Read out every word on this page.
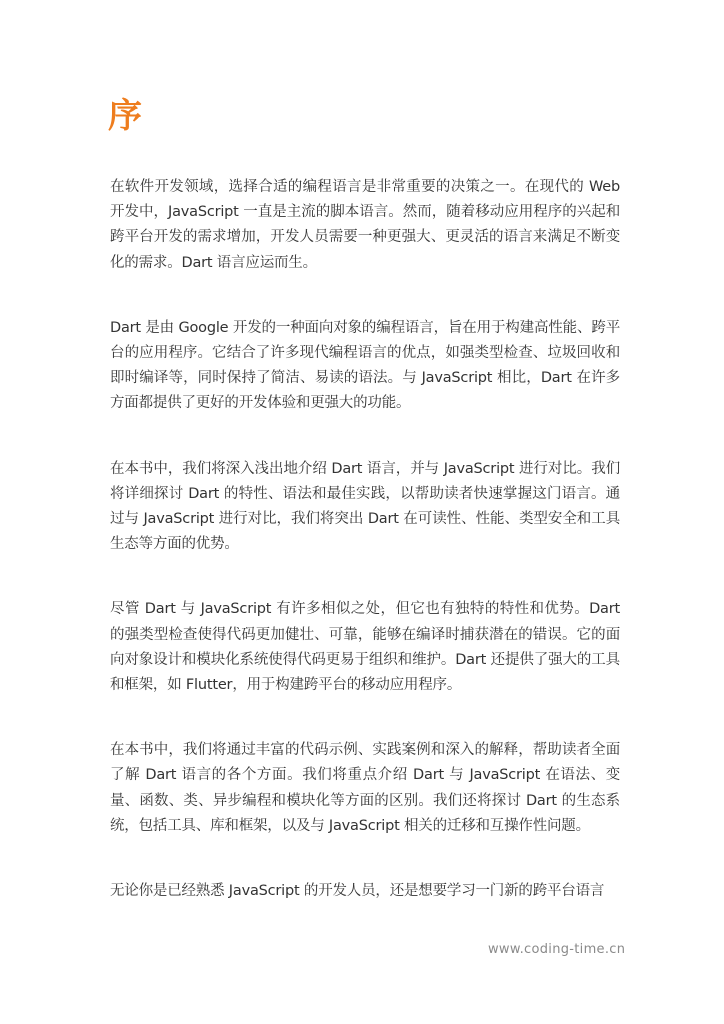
序

在软件开发领域，选择合适的编程语言是非常重要的决策之一。在现代的 Web 开发中，JavaScript 一直是主流的脚本语言。然而，随着移动应用程序的兴起和跨平台开发的需求增加，开发人员需要一种更强大、更灵活的语言来满足不断变化的需求。Dart 语言应运而生。

Dart 是由 Google 开发的一种面向对象的编程语言，旨在用于构建高性能、跨平台的应用程序。它结合了许多现代编程语言的优点，如强类型检查、垃圾回收和即时编译等，同时保持了简洁、易读的语法。与 JavaScript 相比，Dart 在许多方面都提供了更好的开发体验和更强大的功能。

在本书中，我们将深入浅出地介绍 Dart 语言，并与 JavaScript 进行对比。我们将详细探讨 Dart 的特性、语法和最佳实践，以帮助读者快速掌握这门语言。通过与 JavaScript 进行对比，我们将突出 Dart 在可读性、性能、类型安全和工具生态等方面的优势。

尽管 Dart 与 JavaScript 有许多相似之处，但它也有独特的特性和优势。Dart 的强类型检查使得代码更加健壮、可靠，能够在编译时捕获潜在的错误。它的面向对象设计和模块化系统使得代码更易于组织和维护。Dart 还提供了强大的工具和框架，如 Flutter，用于构建跨平台的移动应用程序。

在本书中，我们将通过丰富的代码示例、实践案例和深入的解释，帮助读者全面了解 Dart 语言的各个方面。我们将重点介绍 Dart 与 JavaScript 在语法、变量、函数、类、异步编程和模块化等方面的区别。我们还将探讨 Dart 的生态系统，包括工具、库和框架，以及与 JavaScript 相关的迁移和互操作性问题。

无论你是已经熟悉 JavaScript 的开发人员，还是想要学习一门新的跨平台语言

www.coding-time.cn
